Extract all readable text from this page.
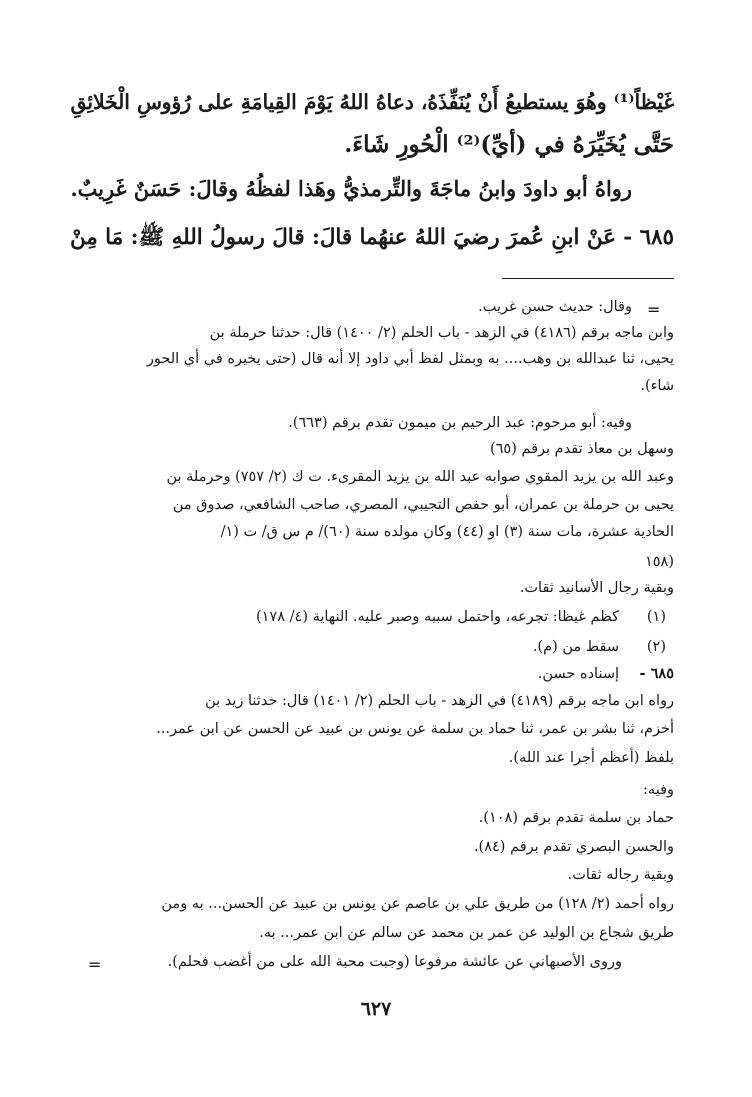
غَيْظاً⁽¹⁾ وهُوَ يستطيعُ أَنْ يُنَفِّذَهُ، دعاهُ اللهُ يَوْمَ القِيامَةِ على رُؤوسِ الْخَلائِقِ

حَتَّى يُخَيِّرَهُ في (أيِّ)⁽²⁾ الْحُورِ شَاءَ.

رواهُ أبو داودَ وابنُ ماجَةَ والتِّرمذيُّ وهَذا لفظُهُ وقالَ: حَسَنٌ غَرِيبٌ.

٦٨٥ - عَنْ ابنِ عُمرَ رضيَ اللهُ عنهُما قالَ: قالَ رسولُ اللهِ ﷺ: مَا مِنْ

=
=

وقال: حديث حسن غريب.

وابن ماجه برقم (٤١٨٦) في الزهد - باب الحلم (٢/ ١٤٠٠) قال: حدثنا حرملة بن

يحيى، ثنا عبدالله بن وهب.... به وبمثل لفظ أبي داود إلا أنه قال (حتى يخيره في أي الحور

شاء).

وفيه: أبو مرحوم: عبد الرحيم بن ميمون تقدم برقم (٦٦٣).

وسهل بن معاذ تقدم برقم (٦٥)

وعبد الله بن يزيد المقوي صوابه عبد الله بن يزيد المقرىء. ت ك (٢/ ٧٥٧) وحرملة بن

يحيى بن حرملة بن عمران، أبو حفص التجيبي، المصري، صاحب الشافعي، صدوق من

الحادية عشرة، مات سنة (٣) او (٤٤) وكان مولده سنة (٦٠)/ م س ق/ ت (١/

(١٥٨

وبقية رجال الأسانيد ثقات.

(١)

كظم غيظا: تجرعه، واحتمل سببه وصبر عليه. النهاية (٤/ ١٧٨)

(٢)

سقط من (م).

٦٨٥ -

إسناده حسن.

رواه ابن ماجه برقم (٤١٨٩) في الزهد - باب الحلم (٢/ ١٤٠١) قال: حدثنا زيد بن

أخزم، ثنا بشر بن عمر، ثنا حماد بن سلمة عن يونس بن عبيد عن الحسن عن ابن عمر...

بلفظ (أعظم أجرا عند الله).

وفيه:

حماد بن سلمة تقدم برقم (١٠٨).

والحسن البصري تقدم برقم (٨٤).

وبقية رجاله ثقات.

رواه أحمد (٢/ ١٢٨) من طريق علي بن عاصم عن يونس بن عبيد عن الحسن... به ومن

طريق شجاع بن الوليد عن عمر بن محمد عن سالم عن ابن عمر... به.

وروى الأصبهاني عن عائشة مرفوعا (وجبت محبة الله على من أغضب فحلم).

٦٢٧
